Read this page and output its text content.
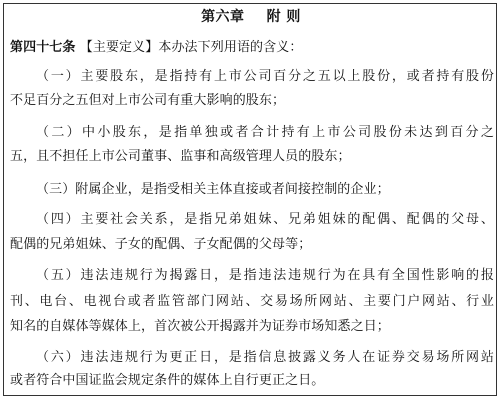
第六章 附 则
第四十七条 【主要定义】本办法下列用语的含义：
（一）主要股东，是指持有上市公司百分之五以上股份，或者持有股份
不足百分之五但对上市公司有重大影响的股东；
（二）中小股东，是指单独或者合计持有上市公司股份未达到百分之
五，且不担任上市公司董事、监事和高级管理人员的股东；
（三）附属企业，是指受相关主体直接或者间接控制的企业；
（四）主要社会关系，是指兄弟姐妹、兄弟姐妹的配偶、配偶的父母、
配偶的兄弟姐妹、子女的配偶、子女配偶的父母等；
（五）违法违规行为揭露日，是指违法违规行为在具有全国性影响的报
刊、电台、电视台或者监管部门网站、交易场所网站、主要门户网站、行业
知名的自媒体等媒体上，首次被公开揭露并为证券市场知悉之日；
（六）违法违规行为更正日，是指信息披露义务人在证券交易场所网站
或者符合中国证监会规定条件的媒体上自行更正之日。
